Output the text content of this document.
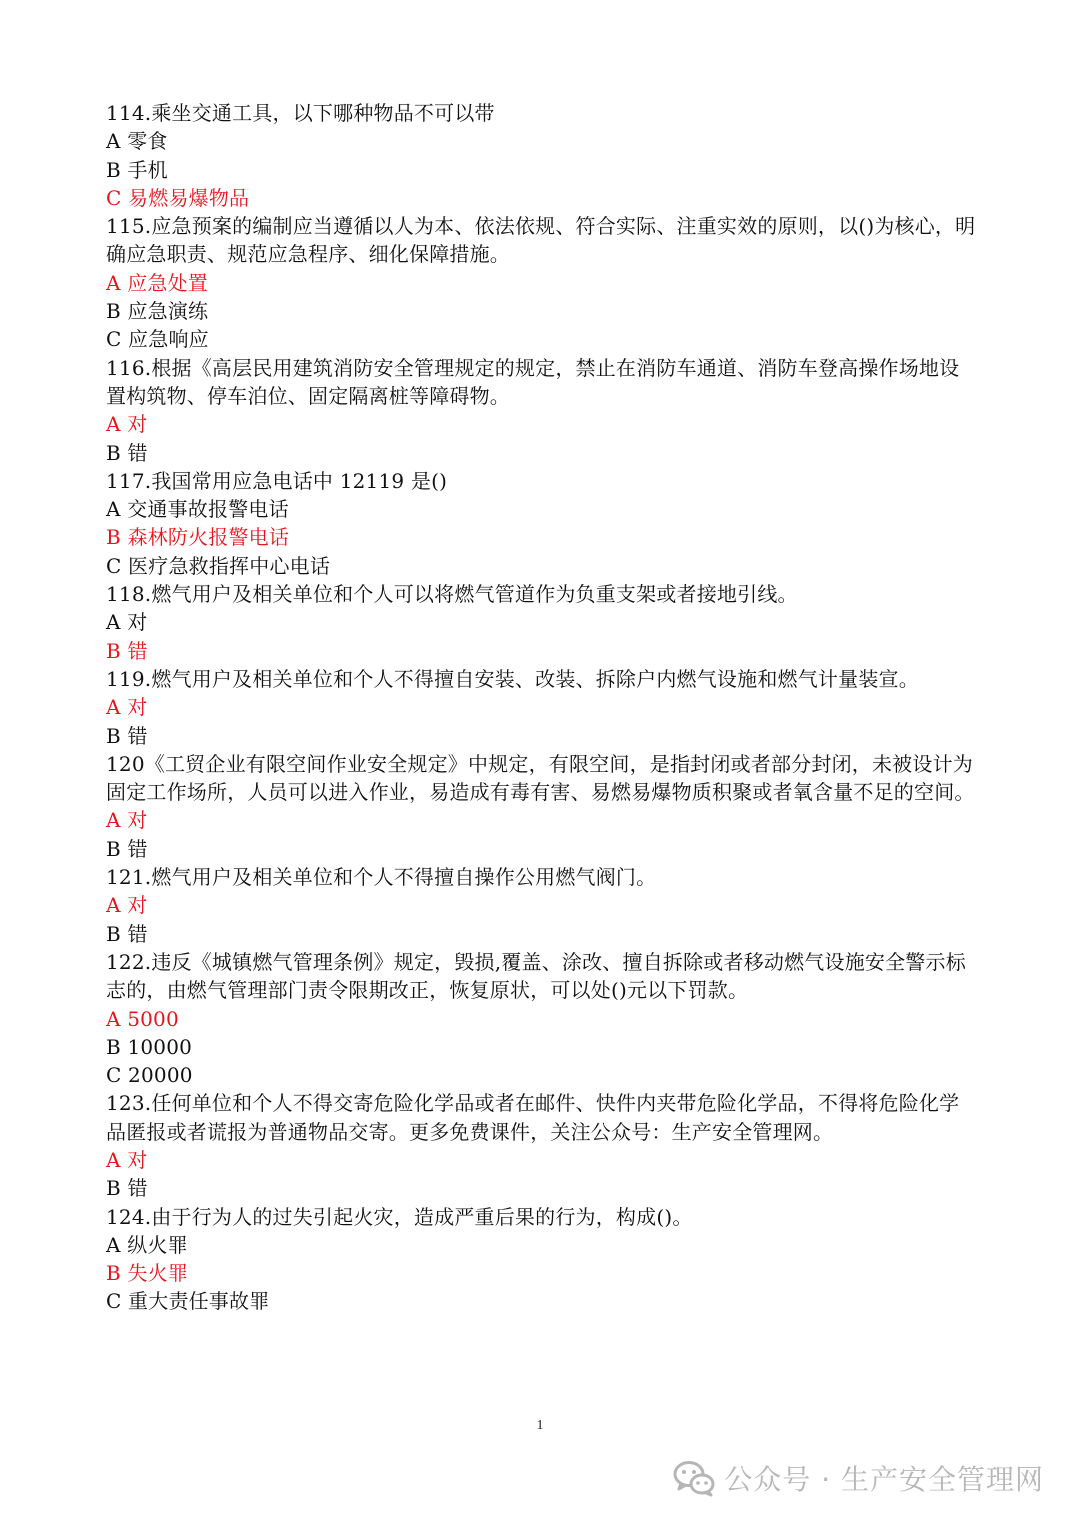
114.乘坐交通工具，以下哪种物品不可以带
A 零食
B 手机
C 易燃易爆物品
115.应急预案的编制应当遵循以人为本、依法依规、符合实际、注重实效的原则，以()为核心，明确应急职责、规范应急程序、细化保障措施。
A 应急处置
B 应急演练
C 应急响应
116.根据《高层民用建筑消防安全管理规定的规定，禁止在消防车通道、消防车登高操作场地设置构筑物、停车泊位、固定隔离桩等障碍物。
A 对
B 错
117.我国常用应急电话中 12119 是()
A 交通事故报警电话
B 森林防火报警电话
C 医疗急救指挥中心电话
118.燃气用户及相关单位和个人可以将燃气管道作为负重支架或者接地引线。
A 对
B 错
119.燃气用户及相关单位和个人不得擅自安装、改装、拆除户内燃气设施和燃气计量装宣。
A 对
B 错
120《工贸企业有限空间作业安全规定》中规定，有限空间，是指封闭或者部分封闭，未被设计为固定工作场所，人员可以进入作业，易造成有毒有害、易燃易爆物质积聚或者氧含量不足的空间。
A 对
B 错
121.燃气用户及相关单位和个人不得擅自操作公用燃气阀门。
A 对
B 错
122.违反《城镇燃气管理条例》规定，毁损,覆盖、涂改、擅自拆除或者移动燃气设施安全警示标志的，由燃气管理部门责令限期改正，恢复原状，可以处()元以下罚款。
A 5000
B 10000
C 20000
123.任何单位和个人不得交寄危险化学品或者在邮件、快件内夹带危险化学品，不得将危险化学品匿报或者谎报为普通物品交寄。更多免费课件，关注公众号：生产安全管理网。
A 对
B 错
124.由于行为人的过失引起火灾，造成严重后果的行为，构成()。
A 纵火罪
B 失火罪
C 重大责任事故罪
1
公众号 · 生产安全管理网
